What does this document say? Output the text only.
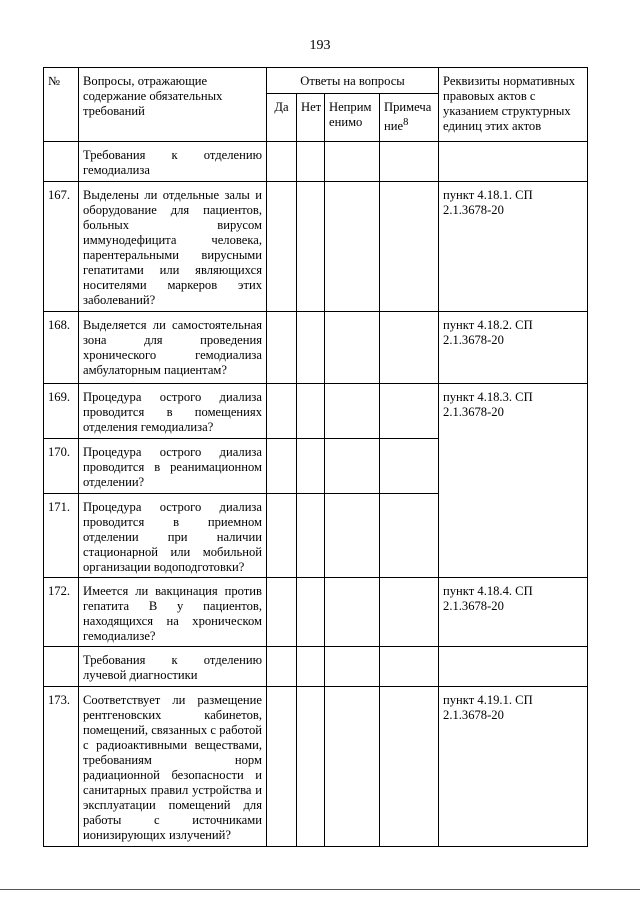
193
№	Вопросы, отражающие содержание обязательных требований	Ответы на вопросы				Реквизиты нормативных правовых актов с указанием структурных единиц этих актов
		Да	Нет	Неприм енимо	Примеча ние$^8$
	Требования к отделению гемодиализа					
167.	Выделены ли отдельные залы и оборудование для пациентов, больных вирусом иммунодефицита человека, парентеральными вирусными гепатитами или являющихся носителями маркеров этих заболеваний?					пункт 4.18.1. СП 2.1.3678-20
168.	Выделяется ли самостоятельная зона для проведения хронического гемодиализа амбулаторным пациентам?					пункт 4.18.2. СП 2.1.3678-20
169.	Процедура острого диализа проводится в помещениях отделения гемодиализа?					пункт 4.18.3. СП 2.1.3678-20
170.	Процедура острого диализа проводится в реанимационном отделении?					
171.	Процедура острого диализа проводится в приемном отделении при наличии стационарной или мобильной организации водоподготовки?					
172.	Имеется ли вакцинация против гепатита В у пациентов, находящихся на хроническом гемодиализе?					пункт 4.18.4. СП 2.1.3678-20
	Требования к отделению лучевой диагностики					
173.	Соответствует ли размещение рентгеновских кабинетов, помещений, связанных с работой с радиоактивными веществами, требованиям норм радиационной безопасности и санитарных правил устройства и эксплуатации помещений для работы с источниками ионизирующих излучений?					пункт 4.19.1. СП 2.1.3678-20
